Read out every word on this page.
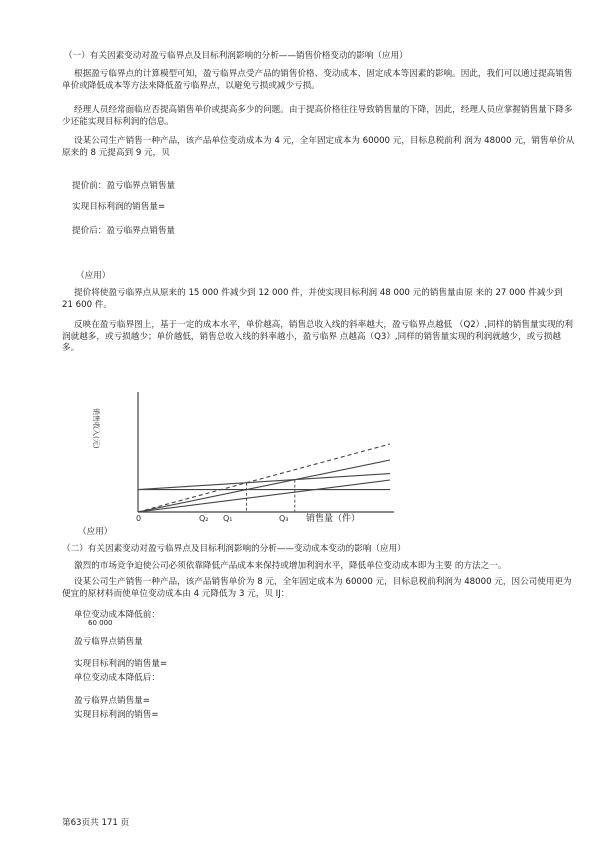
（一）有关因素变动对盈亏临界点及目标利润影响的分析——销售价格变动的影响（应用）
根据盈亏临界点的计算模型可知，盈亏临界点受产品的销售价格、变动成本、固定成本等因素的影响。因此，我们可以通过提高销售单价或降低成本等方法来降低盈亏临界点，以避免亏损或减少亏损。
经理人员经常面临应否提高销售单价或提高多少的问题。由于提高价格往往导致销售量的下降，因此，经理人员应掌握销售量下降多少还能实现目标利润的信息。
设某公司生产销售一种产品，该产品单位变动成本为 4 元，全年固定成本为 60000 元，目标息税前利 润为 48000 元，销售单价从原来的 8 元提高到 9 元，贝
提价前：盈亏临界点销售量
实现目标利润的销售量=
提价后：盈亏临界点销售量
（应用）
提价将使盈亏临界点从原来的 15 000 件减少到 12 000 件，并使实现目标利润 48 000 元的销售量由原 来的 27 000 件减少到 21 600 件。
反映在盈亏临界图上，基于一定的成本水平，单价越高，销售总收入线的斜率越大，盈亏临界点越低 （Q2）,同样的销售量实现的利润就越多，或亏损越少；单价越低，销售总收入线的斜率越小，盈亏临界 点越高（Q3）,同样的销售量实现的利润就越少，或亏损越多。
销售收入(元)
0	Q₂ Q₁	Q₃ 销售量（件）
（应用）
（二）有关因素变动对盈亏临界点及目标利润影响的分析——变动成本变动的影响（应用）
激烈的市场竞争迫使公司必须依靠降低产品成本来保持或增加利润水平，降低单位变动成本即为主要 的方法之一。
设某公司生产销售一种产品，该产品销售单价为 8 元，全年固定成本为 60000 元，目标息税前利润为 48000 元，因公司使用更为便宜的原材料而使单位变动成本由 4 元降低为 3 元，贝 IJ：
单位变动成本降低前：
60 000
盈亏临界点销售量
实现目标利润的销售量=
单位变动成本降低后：
盈亏临界点销售量=
实现目标利润的销售=
第63页共 171 页
